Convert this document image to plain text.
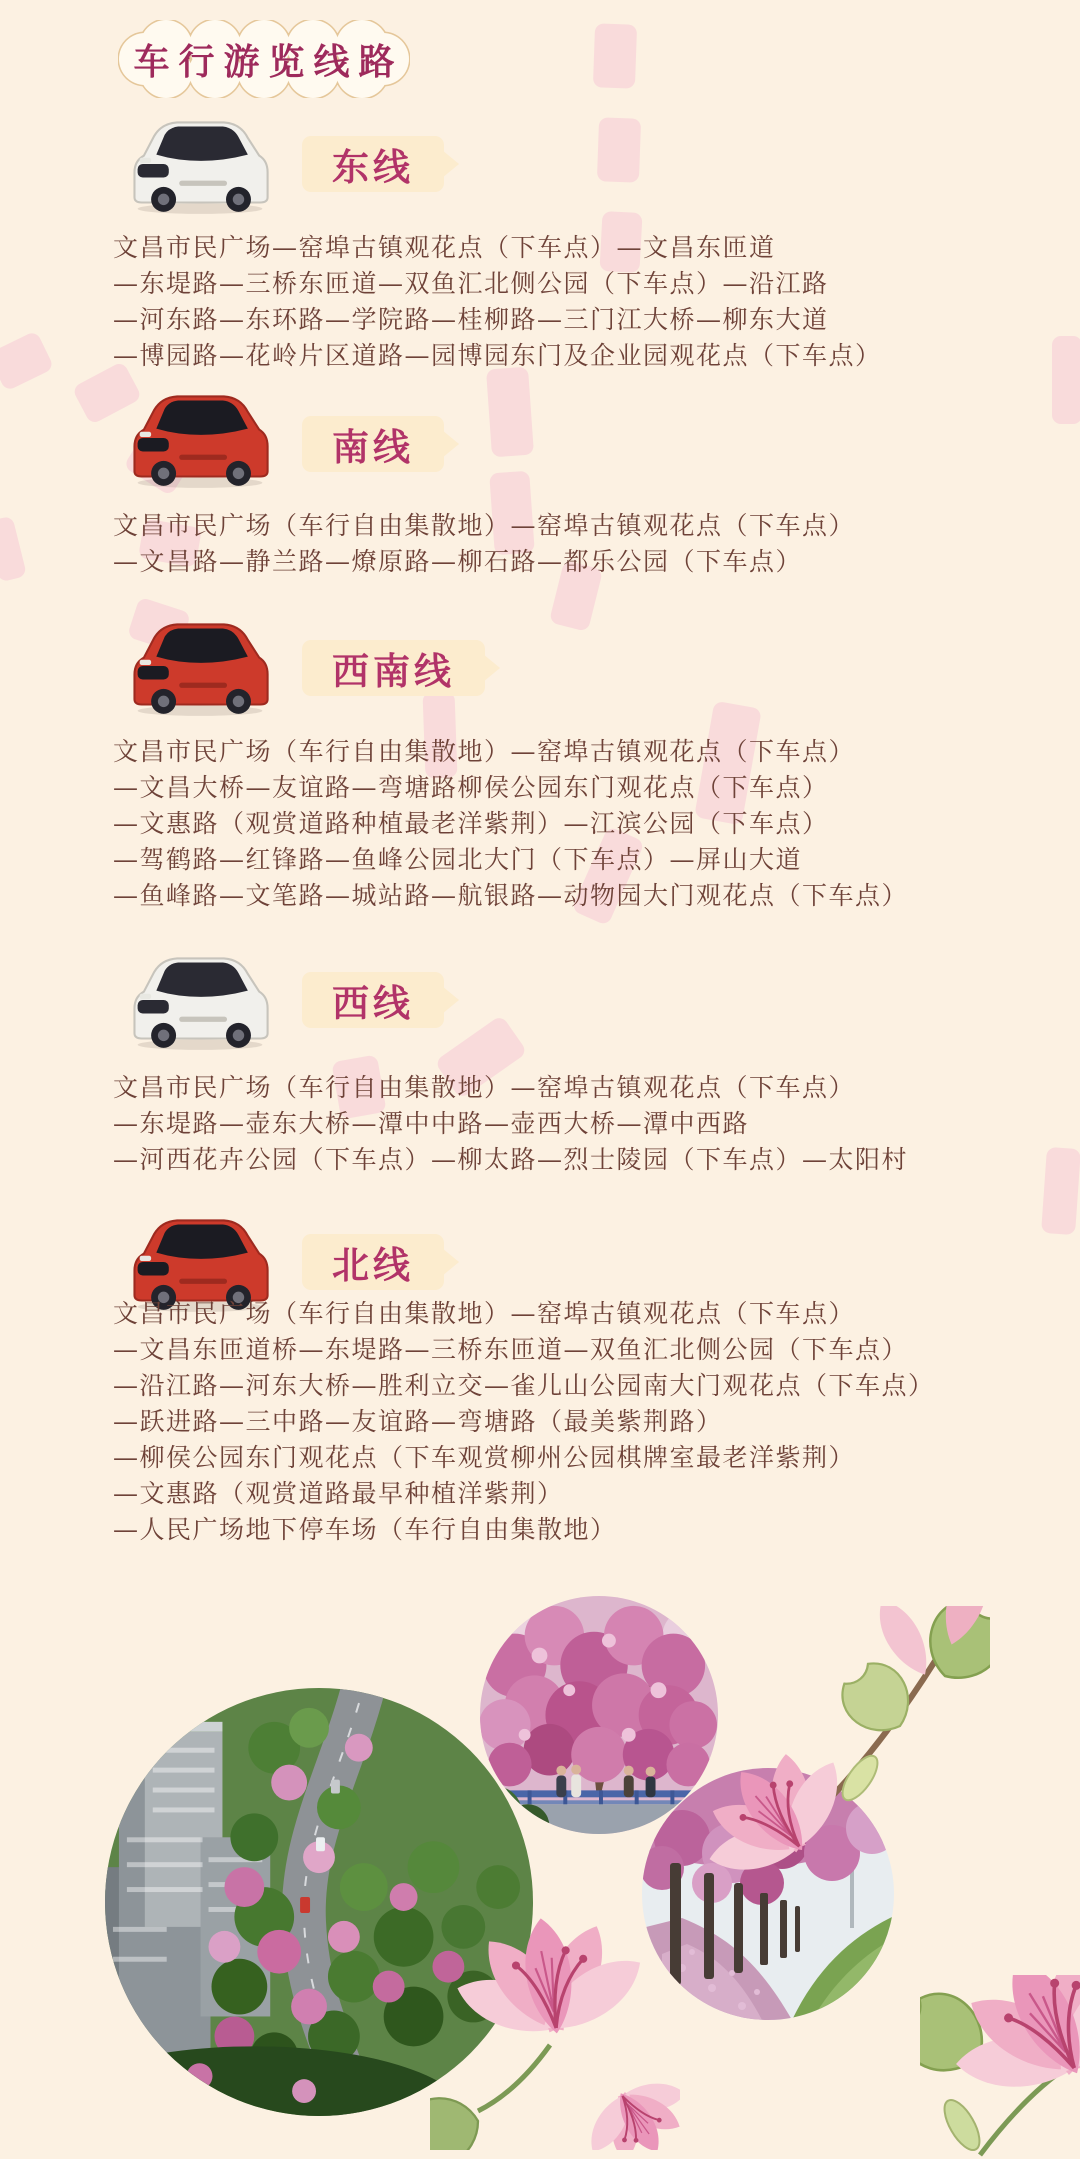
车行游览线路
东线
文昌市民广场—窑埠古镇观花点（下车点）—文昌东匝道
—东堤路—三桥东匝道—双鱼汇北侧公园（下车点）—沿江路
—河东路—东环路—学院路—桂柳路—三门江大桥—柳东大道
—博园路—花岭片区道路—园博园东门及企业园观花点（下车点）
南线
文昌市民广场（车行自由集散地）—窑埠古镇观花点（下车点）
—文昌路—静兰路—燎原路—柳石路—都乐公园（下车点）
西南线
文昌市民广场（车行自由集散地）—窑埠古镇观花点（下车点）
—文昌大桥—友谊路—弯塘路柳侯公园东门观花点（下车点）
—文惠路（观赏道路种植最老洋紫荆）—江滨公园（下车点）
—驾鹤路—红锋路—鱼峰公园北大门（下车点）—屏山大道
—鱼峰路—文笔路—城站路—航银路—动物园大门观花点（下车点）
西线
文昌市民广场（车行自由集散地）—窑埠古镇观花点（下车点）
—东堤路—壶东大桥—潭中中路—壶西大桥—潭中西路
—河西花卉公园（下车点）—柳太路—烈士陵园（下车点）—太阳村
北线
文昌市民广场（车行自由集散地）—窑埠古镇观花点（下车点）
—文昌东匝道桥—东堤路—三桥东匝道—双鱼汇北侧公园（下车点）
—沿江路—河东大桥—胜利立交—雀儿山公园南大门观花点（下车点）
—跃进路—三中路—友谊路—弯塘路（最美紫荆路）
—柳侯公园东门观花点（下车观赏柳州公园棋牌室最老洋紫荆）
—文惠路（观赏道路最早种植洋紫荆）
—人民广场地下停车场（车行自由集散地）
